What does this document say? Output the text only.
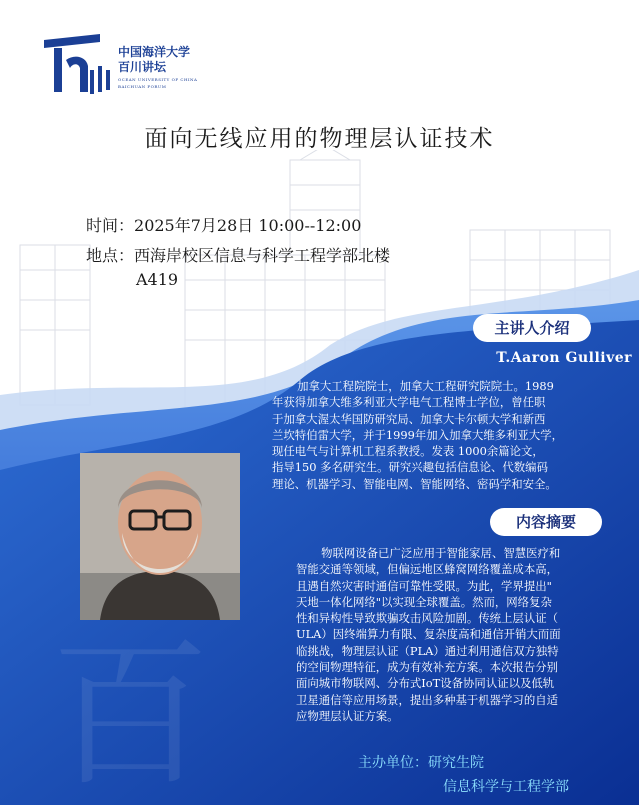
百
中国海洋大学
百川讲坛
OCEAN UNIVERSITY OF CHINA
BAICHUAN FORUM
面向无线应用的物理层认证技术
时间：2025年7月28日 10:00--12:00
地点：西海岸校区信息与科学工程学部北楼
A419
主讲人介绍
T.Aaron Gulliver
加拿大工程院院士，加拿大工程研究院院士。1989
年获得加拿大维多利亚大学电气工程博士学位，曾任职
于加拿大渥太华国防研究局、加拿大卡尔顿大学和新西
兰坎特伯雷大学，并于1999年加入加拿大维多利亚大学，
现任电气与计算机工程系教授。发表 1000余篇论文，
指导150 多名研究生。研究兴趣包括信息论、代数编码
理论、机器学习、智能电网、智能网络、密码学和安全。
内容摘要
物联网设备已广泛应用于智能家居、智慧医疗和
智能交通等领域，但偏远地区蜂窝网络覆盖成本高，
且遇自然灾害时通信可靠性受限。为此，学界提出"
天地一体化网络"以实现全球覆盖。然而，网络复杂
性和异构性导致欺骗攻击风险加剧。传统上层认证（
ULA）因终端算力有限、复杂度高和通信开销大而面
临挑战，物理层认证（PLA）通过利用通信双方独特
的空间物理特征，成为有效补充方案。本次报告分别
面向城市物联网、分布式IoT设备协同认证以及低轨
卫星通信等应用场景，提出多种基于机器学习的自适
应物理层认证方案。
主办单位：研究生院
信息科学与工程学部
